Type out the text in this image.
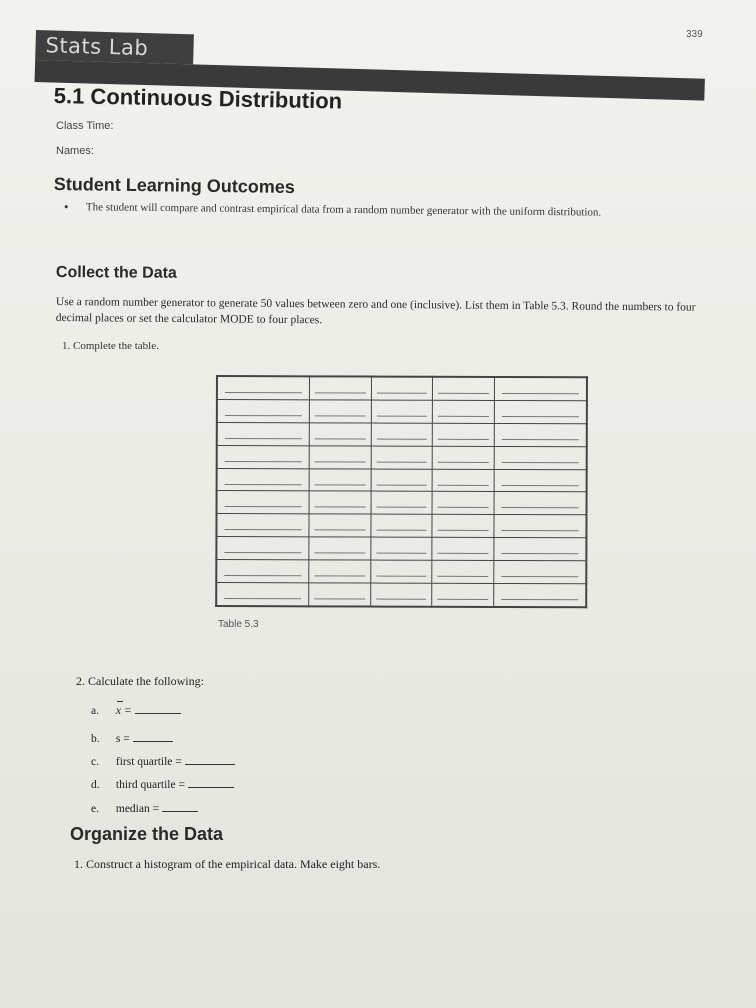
339
Stats Lab
5.1 Continuous Distribution
Class Time:
Names:
Student Learning Outcomes
•	The student will compare and contrast empirical data from a random number generator with the uniform distribution.
Collect the Data
Use a random number generator to generate 50 values between zero and one (inclusive). List them in Table 5.3. Round the numbers to four decimal places or set the calculator MODE to four places.
1. Complete the table.

Table 5.3
2. Calculate the following:
a. x =
b. s =
c. first quartile =
d. third quartile =
e. median =
Organize the Data
1. Construct a histogram of the empirical data. Make eight bars.
